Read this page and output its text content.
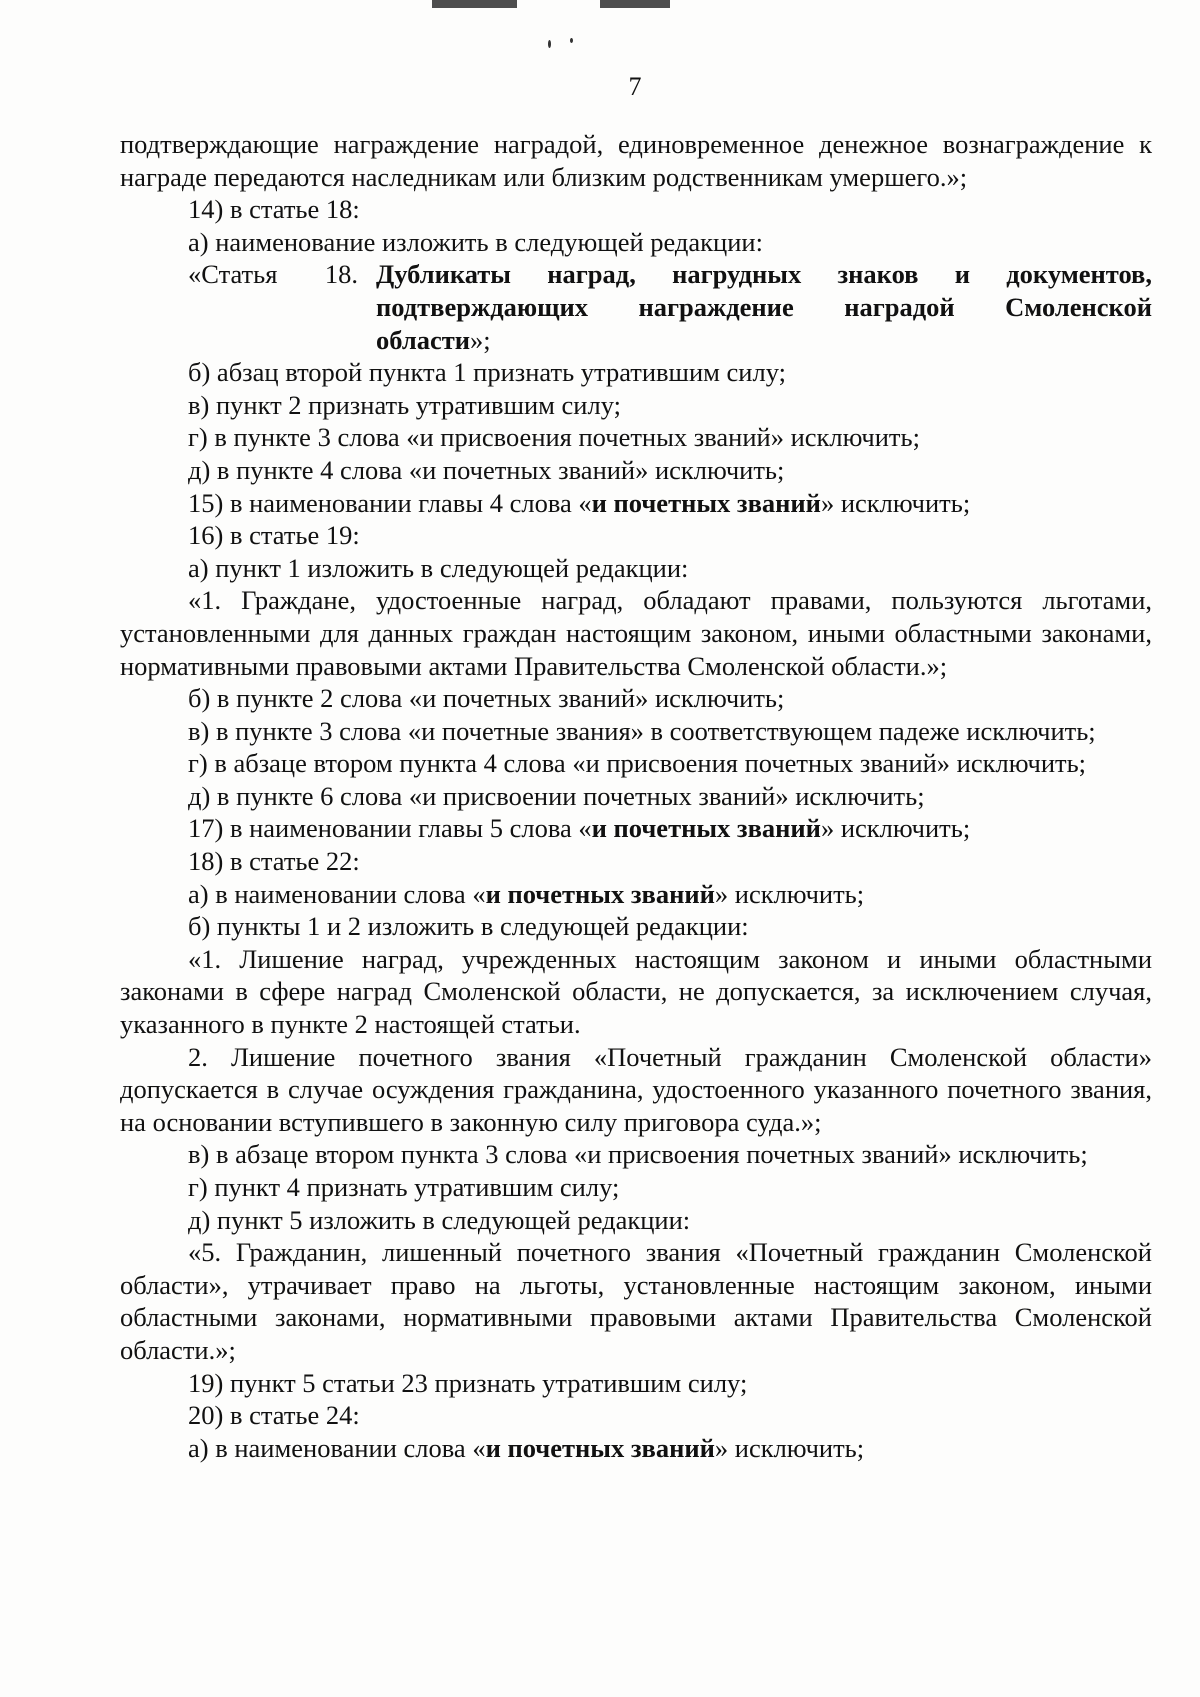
7

подтверждающие награждение наградой, единовременное денежное вознаграждение к награде передаются наследникам или близким родственникам умершего.»;

14) в статье 18:

а) наименование изложить в следующей редакции:

«Статья 18. Дубликаты наград, нагрудных знаков и документов,
подтверждающих награждение наградой Смоленской
области»;

б) абзац второй пункта 1 признать утратившим силу;

в) пункт 2 признать утратившим силу;

г) в пункте 3 слова «и присвоения почетных званий» исключить;

д) в пункте 4 слова «и почетных званий» исключить;

15) в наименовании главы 4 слова «и почетных званий» исключить;

16) в статье 19:

а) пункт 1 изложить в следующей редакции:

«1. Граждане, удостоенные наград, обладают правами, пользуются льготами, установленными для данных граждан настоящим законом, иными областными законами, нормативными правовыми актами Правительства Смоленской области.»;

б) в пункте 2 слова «и почетных званий» исключить;

в) в пункте 3 слова «и почетные звания» в соответствующем падеже исключить;

г) в абзаце втором пункта 4 слова «и присвоения почетных званий» исключить;

д) в пункте 6 слова «и присвоении почетных званий» исключить;

17) в наименовании главы 5 слова «и почетных званий» исключить;

18) в статье 22:

а) в наименовании слова «и почетных званий» исключить;

б) пункты 1 и 2 изложить в следующей редакции:

«1. Лишение наград, учрежденных настоящим законом и иными областными законами в сфере наград Смоленской области, не допускается, за исключением случая, указанного в пункте 2 настоящей статьи.

2. Лишение почетного звания «Почетный гражданин Смоленской области» допускается в случае осуждения гражданина, удостоенного указанного почетного звания, на основании вступившего в законную силу приговора суда.»;

в) в абзаце втором пункта 3 слова «и присвоения почетных званий» исключить;

г) пункт 4 признать утратившим силу;

д) пункт 5 изложить в следующей редакции:

«5. Гражданин, лишенный почетного звания «Почетный гражданин Смоленской области», утрачивает право на льготы, установленные настоящим законом, иными областными законами, нормативными правовыми актами Правительства Смоленской области.»;

19) пункт 5 статьи 23 признать утратившим силу;

20) в статье 24:

а) в наименовании слова «и почетных званий» исключить;
